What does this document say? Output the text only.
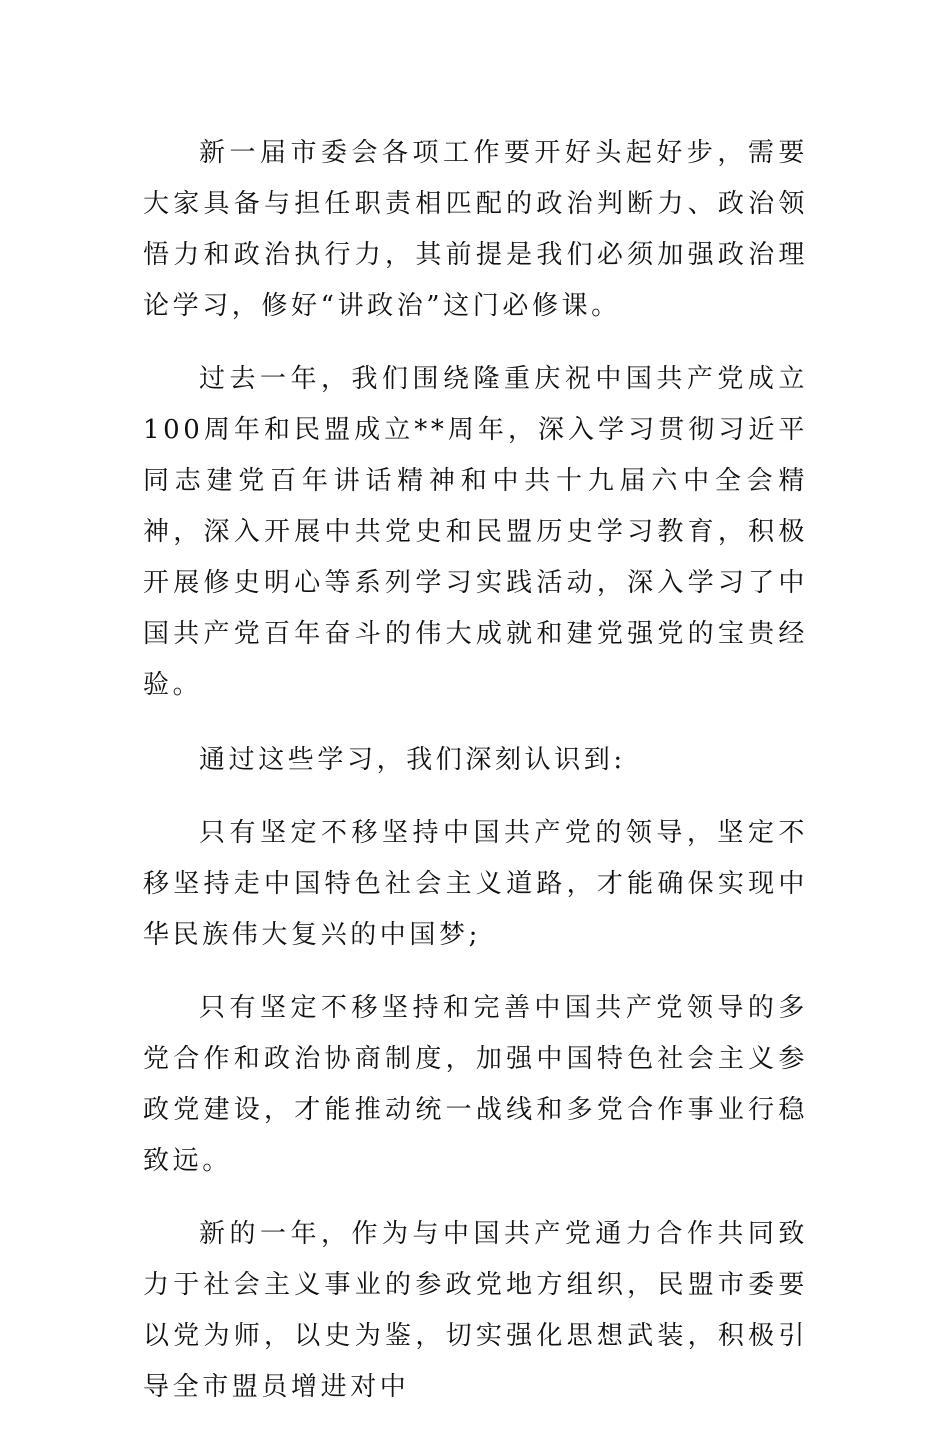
新一届市委会各项工作要开好头起好步，需要大家具备与担任职责相匹配的政治判断力、政治领悟力和政治执行力，其前提是我们必须加强政治理论学习，修好“讲政治”这门必修课。

过去一年，我们围绕隆重庆祝中国共产党成立100周年和民盟成立**周年，深入学习贯彻习近平同志建党百年讲话精神和中共十九届六中全会精神，深入开展中共党史和民盟历史学习教育，积极开展修史明心等系列学习实践活动，深入学习了中国共产党百年奋斗的伟大成就和建党强党的宝贵经验。

通过这些学习，我们深刻认识到:

只有坚定不移坚持中国共产党的领导，坚定不移坚持走中国特色社会主义道路，才能确保实现中华民族伟大复兴的中国梦;

只有坚定不移坚持和完善中国共产党领导的多党合作和政治协商制度，加强中国特色社会主义参政党建设，才能推动统一战线和多党合作事业行稳致远。

新的一年，作为与中国共产党通力合作共同致力于社会主义事业的参政党地方组织，民盟市委要以党为师，以史为鉴，切实强化思想武装，积极引导全市盟员增进对中
